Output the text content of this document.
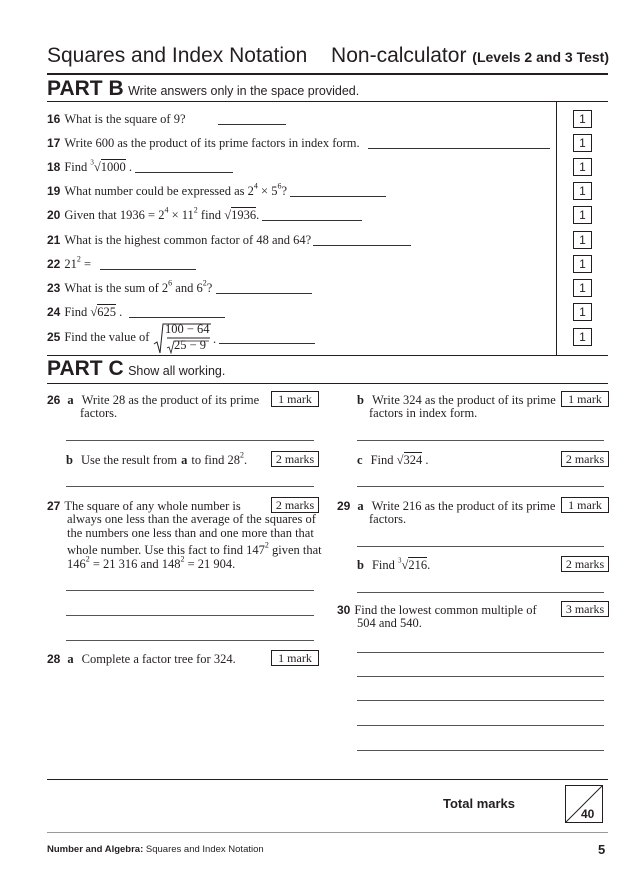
Squares and Index Notation Non-calculator (Levels 2 and 3 Test)
PART B Write answers only in the space provided.
16 What is the square of 9?	1
17 Write 600 as the product of its prime factors in index form.	1
18 Find $^3$√1000 .	1
19 What number could be expressed as $2^4 \times 5^6$?	1
20 Given that $1936 = 2^4 \times 11^2$ find √1936.	1
21 What is the highest common factor of 48 and 64?	1
22 $21^2$ =	1
23 What is the sum of $2^6$ and $6^2$?	1
24 Find √625 .	1
25 Find the value of
100 − 64
25 − 9 .	1
PART C Show all working.
26 a Write 28 as the product of its prime
factors.
1 mark
b Use the result from a to find $28^2$.	2 marks
27 The square of any whole number is
always one less than the average of the squares of
the numbers one less than and one more than that
whole number. Use this fact to find $147^2$ given that
$146^2 = 21$ 316 and $148^2 = 21$ 904.
2 marks
28 a Complete a factor tree for 324.	1 mark
b Write 324 as the product of its prime
factors in index form.
1 mark
c Find √324 .	2 marks
29 a Write 216 as the product of its prime
factors.
1 mark
b Find $^3$√216.	2 marks
30 Find the lowest common multiple of
504 and 540.
3 marks
Total marks
40
Number and Algebra: Squares and Index Notation	5
